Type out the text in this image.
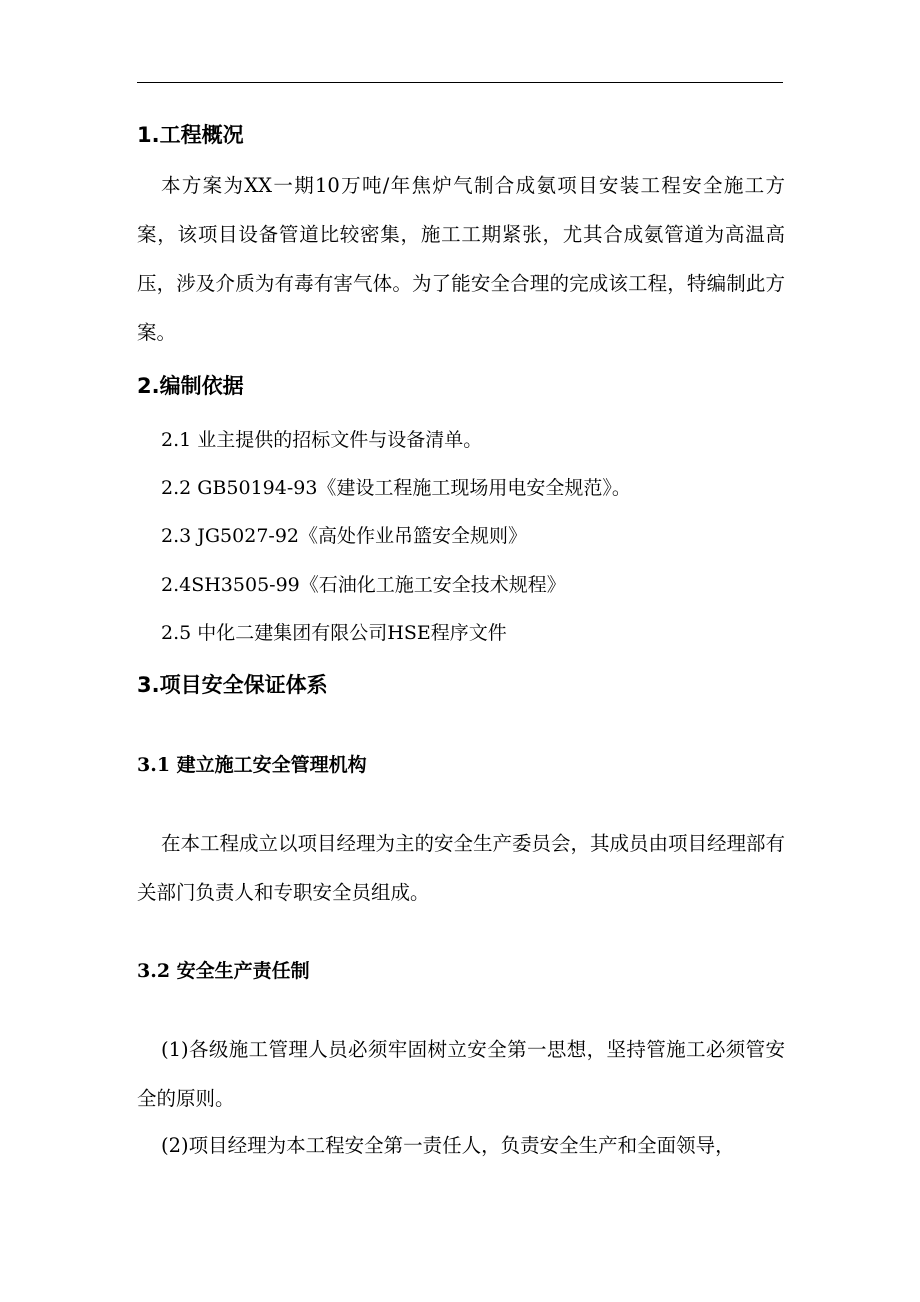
1.工程概况

本方案为XX一期10万吨/年焦炉气制合成氨项目安装工程安全施工方案，该项目设备管道比较密集，施工工期紧张，尤其合成氨管道为高温高压，涉及介质为有毒有害气体。为了能安全合理的完成该工程，特编制此方案。

2.编制依据
2.1 业主提供的招标文件与设备清单。
2.2 GB50194-93《建设工程施工现场用电安全规范》。
2.3 JG5027-92《高处作业吊篮安全规则》
2.4SH3505-99《石油化工施工安全技术规程》
2.5 中化二建集团有限公司HSE程序文件
3.项目安全保证体系
3.1 建立施工安全管理机构

在本工程成立以项目经理为主的安全生产委员会，其成员由项目经理部有关部门负责人和专职安全员组成。

3.2 安全生产责任制

(1)各级施工管理人员必须牢固树立安全第一思想，坚持管施工必须管安全的原则。

(2)项目经理为本工程安全第一责任人，负责安全生产和全面领导，
